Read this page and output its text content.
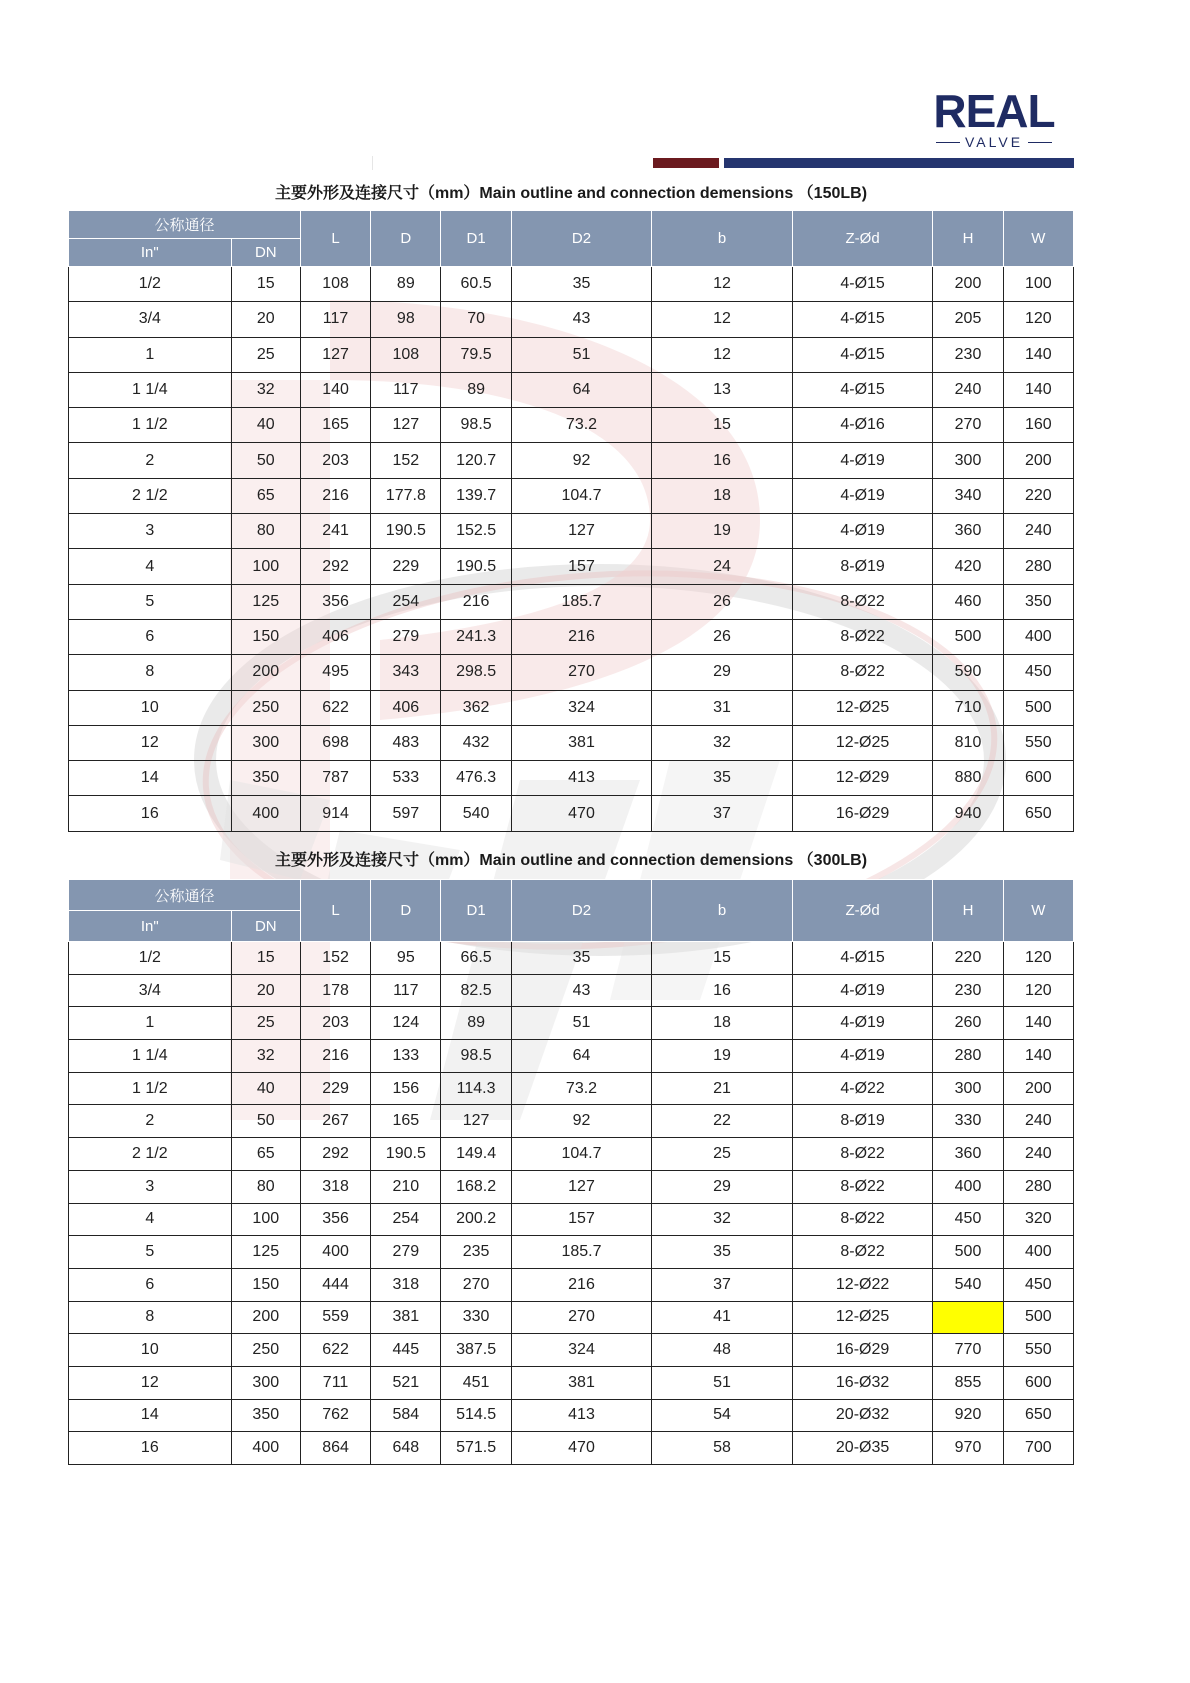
REAL
VALVE
主要外形及连接尺寸（mm）Main outline and connection demensions （150LB)
公称通径		L	D	D1	D2	b	Z-Ød	H	W
In"	DN								
1/2	15	108	89	60.5	35	12	4-Ø15	200	100
3/4	20	117	98	70	43	12	4-Ø15	205	120
1	25	127	108	79.5	51	12	4-Ø15	230	140
1 1/4	32	140	117	89	64	13	4-Ø15	240	140
1 1/2	40	165	127	98.5	73.2	15	4-Ø16	270	160
2	50	203	152	120.7	92	16	4-Ø19	300	200
2 1/2	65	216	177.8	139.7	104.7	18	4-Ø19	340	220
3	80	241	190.5	152.5	127	19	4-Ø19	360	240
4	100	292	229	190.5	157	24	8-Ø19	420	280
5	125	356	254	216	185.7	26	8-Ø22	460	350
6	150	406	279	241.3	216	26	8-Ø22	500	400
8	200	495	343	298.5	270	29	8-Ø22	590	450
10	250	622	406	362	324	31	12-Ø25	710	500
12	300	698	483	432	381	32	12-Ø25	810	550
14	350	787	533	476.3	413	35	12-Ø29	880	600
16	400	914	597	540	470	37	16-Ø29	940	650
主要外形及连接尺寸（mm）Main outline and connection demensions （300LB)
公称通径		L	D	D1	D2	b	Z-Ød	H	W
In"	DN								
1/2	15	152	95	66.5	35	15	4-Ø15	220	120
3/4	20	178	117	82.5	43	16	4-Ø19	230	120
1	25	203	124	89	51	18	4-Ø19	260	140
1 1/4	32	216	133	98.5	64	19	4-Ø19	280	140
1 1/2	40	229	156	114.3	73.2	21	4-Ø22	300	200
2	50	267	165	127	92	22	8-Ø19	330	240
2 1/2	65	292	190.5	149.4	104.7	25	8-Ø22	360	240
3	80	318	210	168.2	127	29	8-Ø22	400	280
4	100	356	254	200.2	157	32	8-Ø22	450	320
5	125	400	279	235	185.7	35	8-Ø22	500	400
6	150	444	318	270	216	37	12-Ø22	540	450
8	200	559	381	330	270	41	12-Ø25		500
10	250	622	445	387.5	324	48	16-Ø29	770	550
12	300	711	521	451	381	51	16-Ø32	855	600
14	350	762	584	514.5	413	54	20-Ø32	920	650
16	400	864	648	571.5	470	58	20-Ø35	970	700
